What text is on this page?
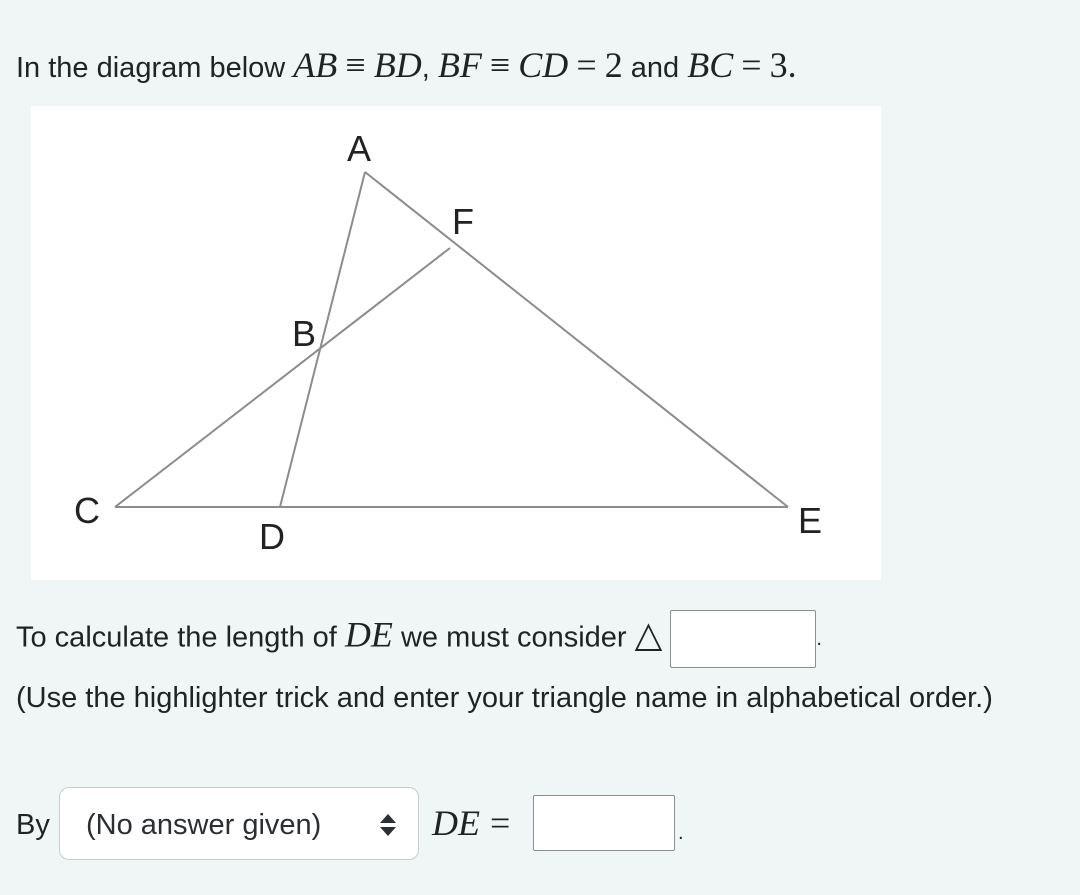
In the diagram below AB ≡ BD, BF ≡ CD = 2 and BC = 3.
A
F
B
C
D	E
To calculate the length of DE we must consider △	.
(Use the highlighter trick and enter your triangle name in alphabetical order.)
By (No answer given)	DE =	.
